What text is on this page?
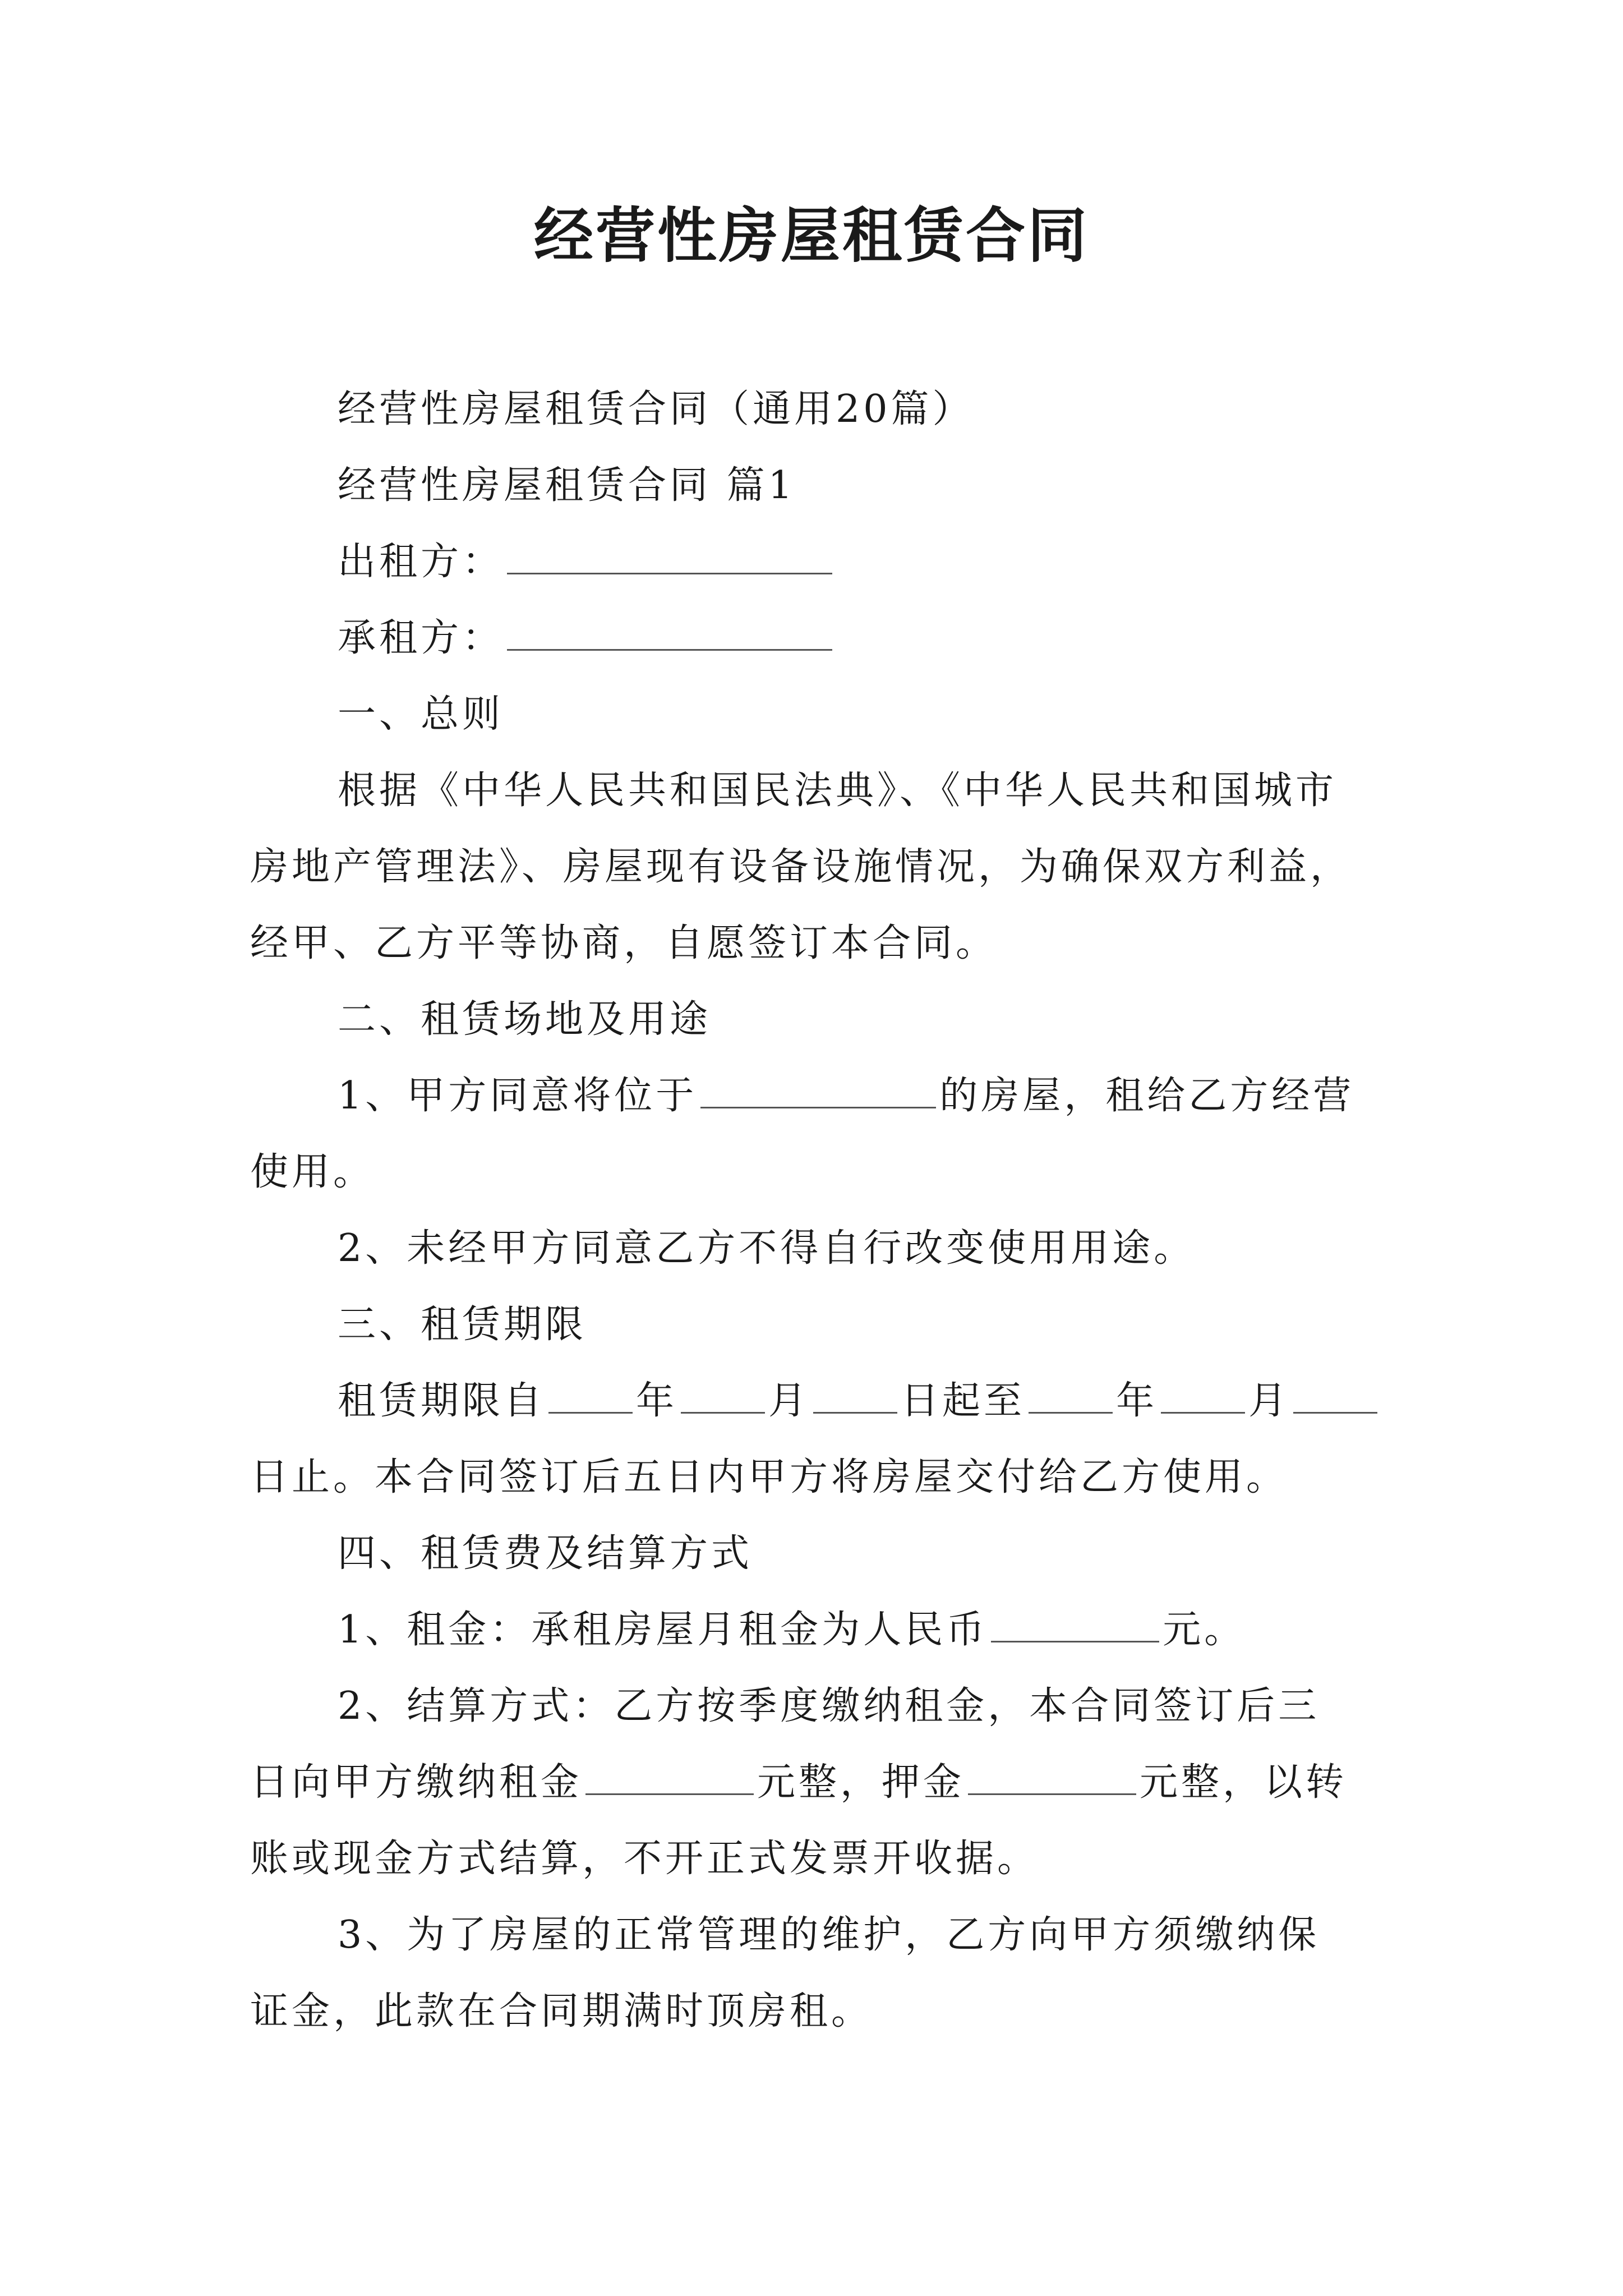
经营性房屋租赁合同
经营性房屋租赁合同（通用20篇）
经营性房屋租赁合同 篇1
出租方：
承租方：
一、总则
根据《中华人民共和国民法典》、《中华人民共和国城市
房地产管理法》、房屋现有设备设施情况，为确保双方利益，
经甲、乙方平等协商，自愿签订本合同。
二、租赁场地及用途
1、甲方同意将位于	的房屋，租给乙方经营
使用。
2、未经甲方同意乙方不得自行改变使用用途。
三、租赁期限
租赁期限自 年 月 日起至 年 月
日止。本合同签订后五日内甲方将房屋交付给乙方使用。
四、租赁费及结算方式
1、租金：承租房屋月租金为人民币	元。
2、结算方式：乙方按季度缴纳租金，本合同签订后三
日向甲方缴纳租金	元整，押金	元整，以转
账或现金方式结算，不开正式发票开收据。
3、为了房屋的正常管理的维护，乙方向甲方须缴纳保
证金，此款在合同期满时顶房租。
